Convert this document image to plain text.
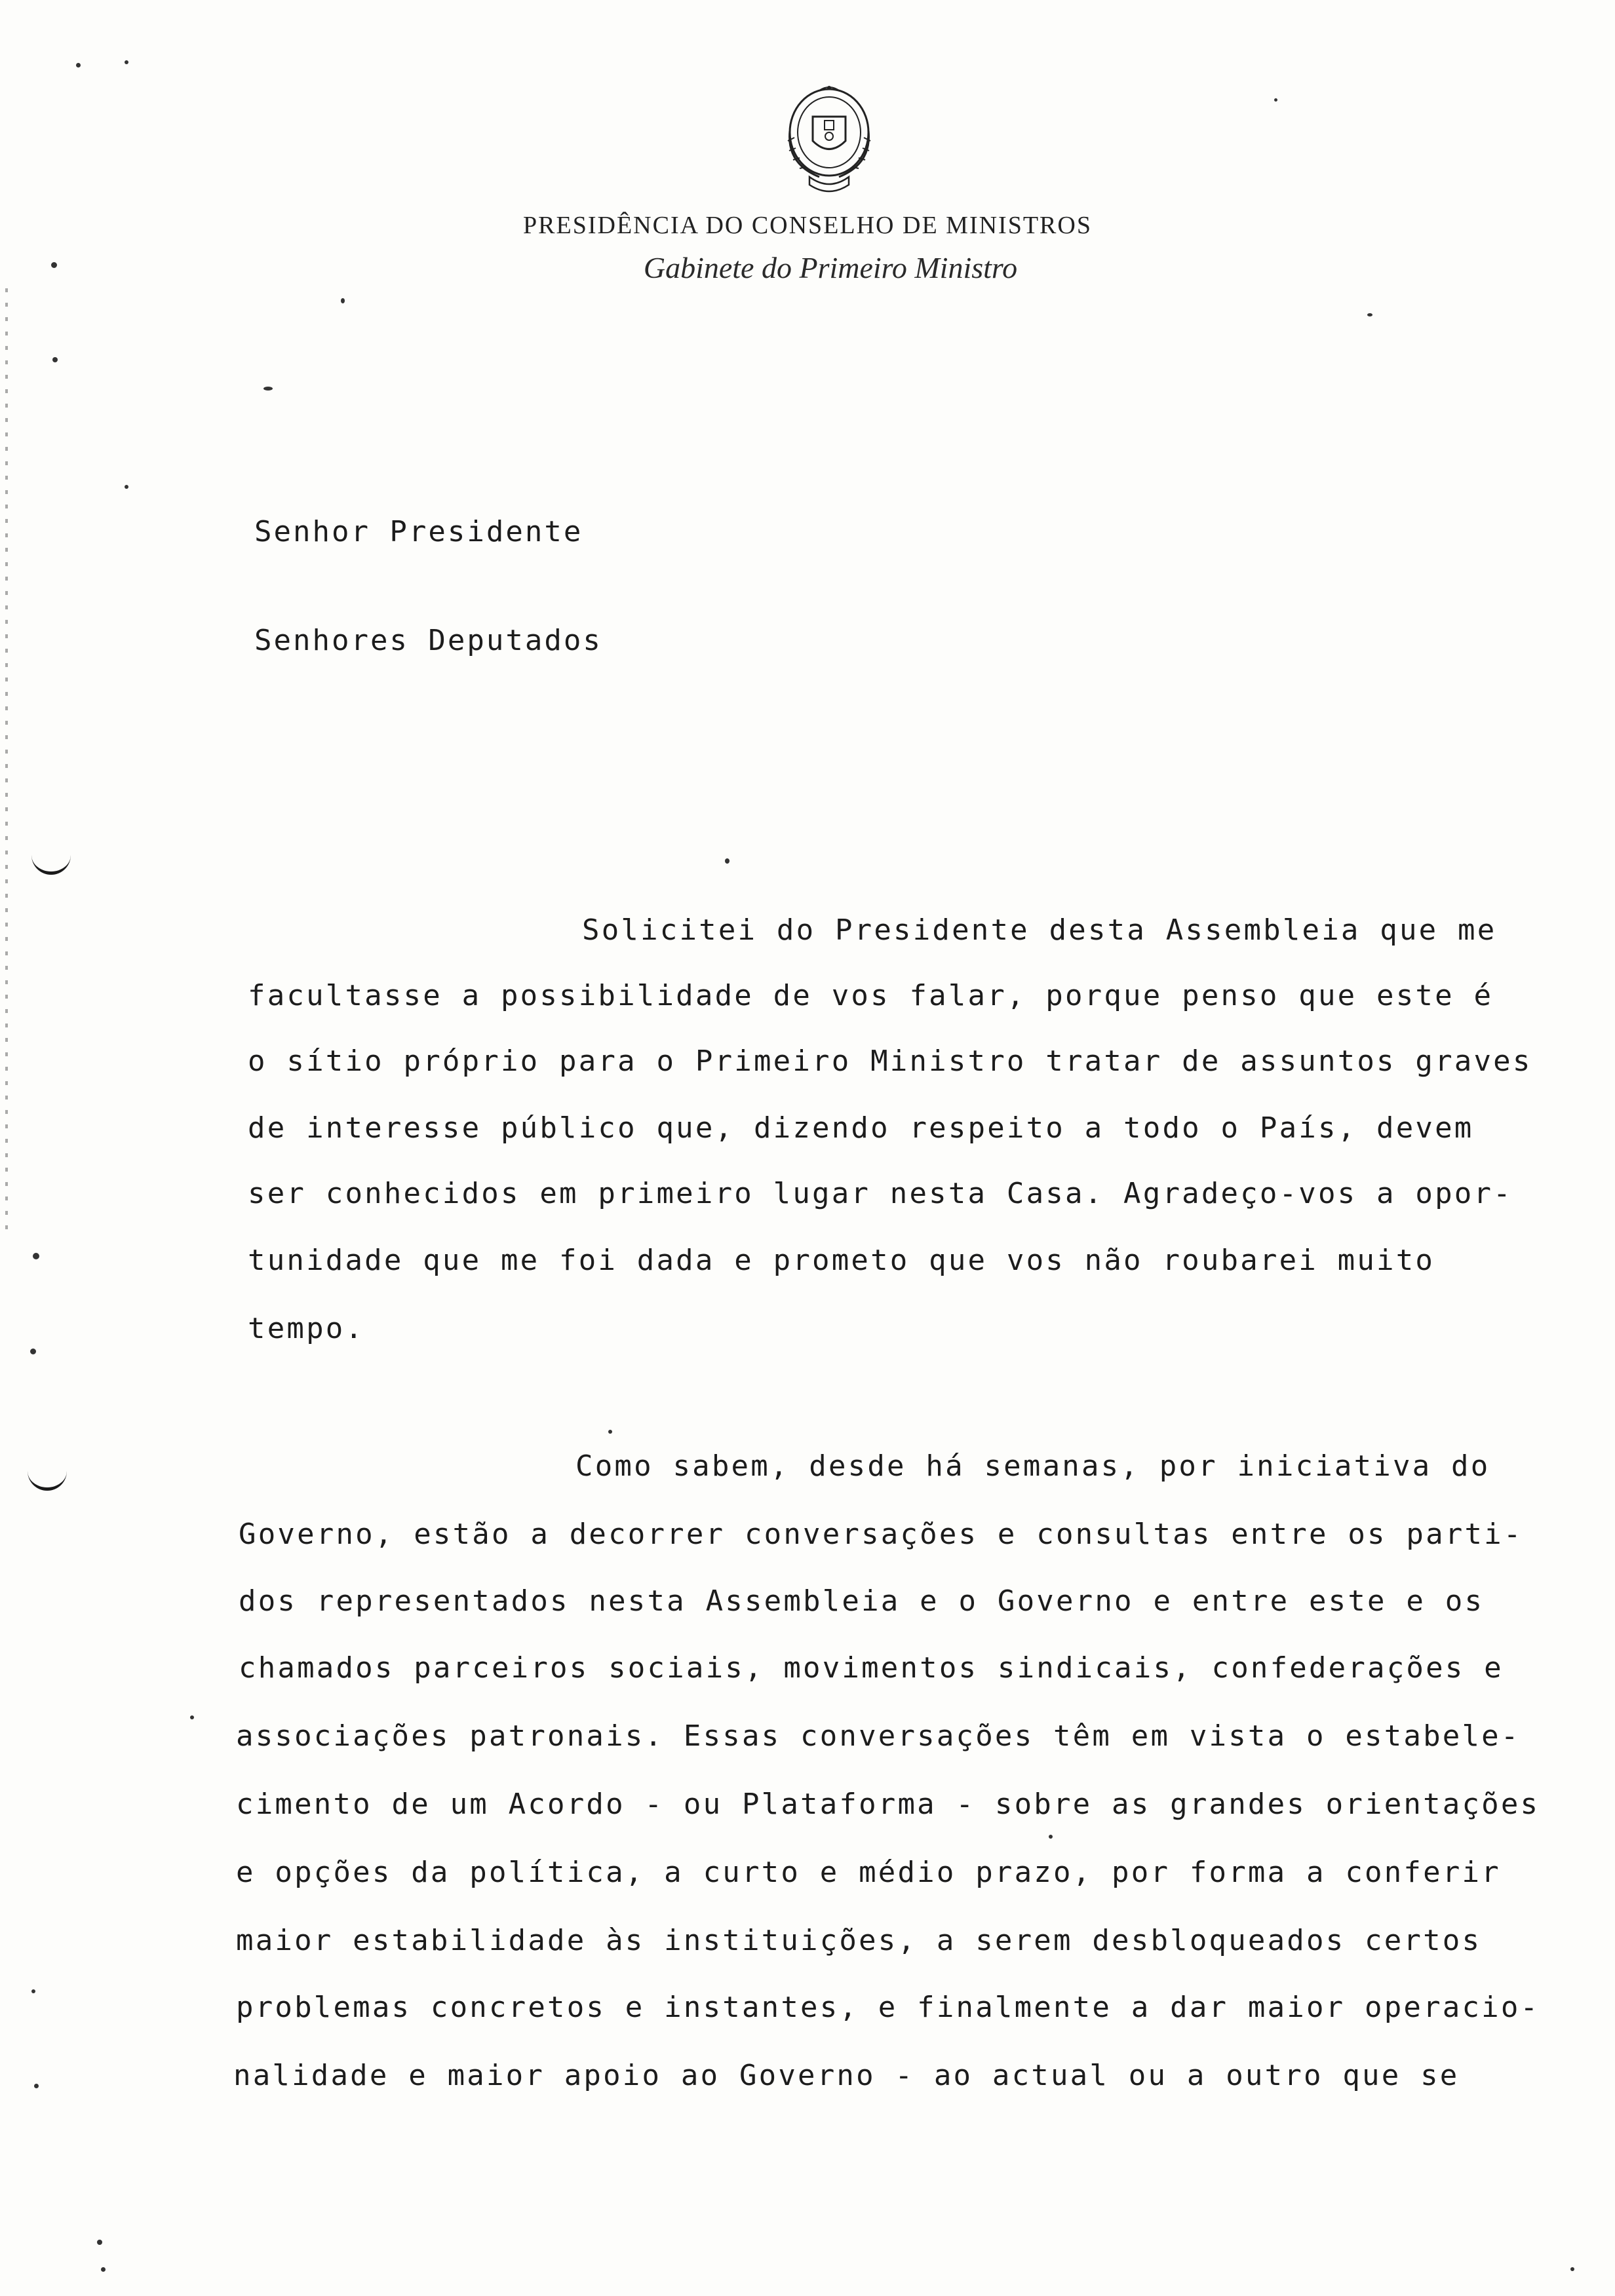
PRESIDÊNCIA DO CONSELHO DE MINISTROS
Gabinete do Primeiro Ministro
Senhor Presidente
Senhores Deputados
Solicitei do Presidente desta Assembleia que me
facultasse a possibilidade de vos falar, porque penso que este é
o sítio próprio para o Primeiro Ministro tratar de assuntos graves
de interesse público que, dizendo respeito a todo o País, devem
ser conhecidos em primeiro lugar nesta Casa. Agradeço-vos a opor-
tunidade que me foi dada e prometo que vos não roubarei muito
tempo.
Como sabem, desde há semanas, por iniciativa do
Governo, estão a decorrer conversações e consultas entre os parti-
dos representados nesta Assembleia e o Governo e entre este e os
chamados parceiros sociais, movimentos sindicais, confederações e
associações patronais. Essas conversações têm em vista o estabele-
cimento de um Acordo - ou Plataforma - sobre as grandes orientações
e opções da política, a curto e médio prazo, por forma a conferir
maior estabilidade às instituições, a serem desbloqueados certos
problemas concretos e instantes, e finalmente a dar maior operacio-
nalidade e maior apoio ao Governo - ao actual ou a outro que se
